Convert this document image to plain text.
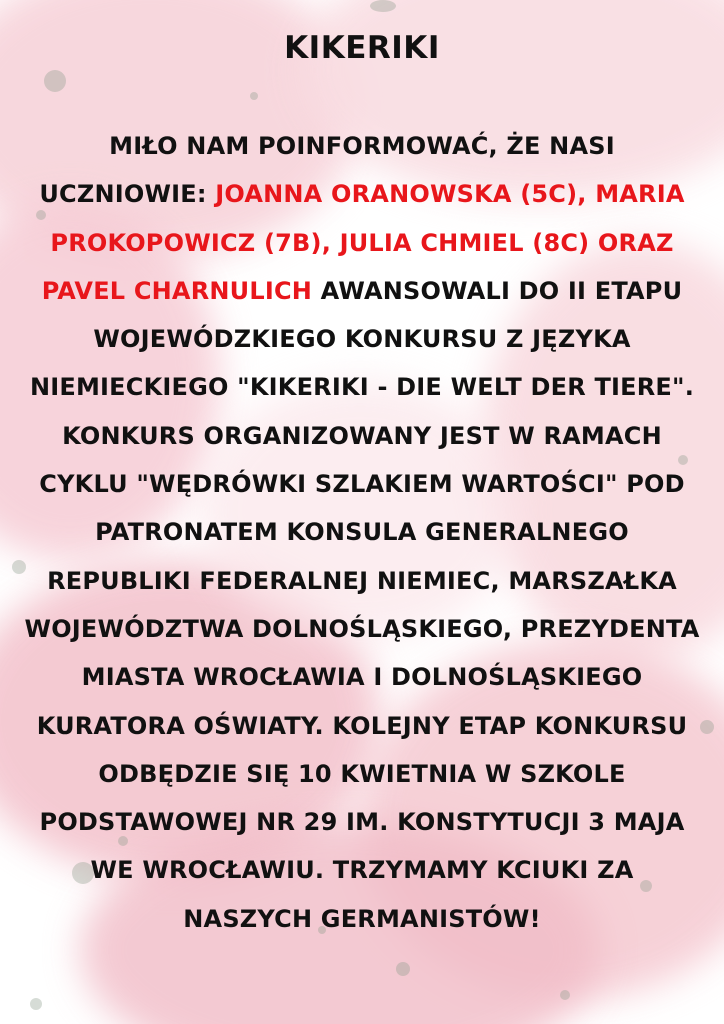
KIKERIKI

MIŁO NAM POINFORMOWAĆ, ŻE NASI UCZNIOWIE: JOANNA ORANOWSKA (5C), MARIA PROKOPOWICZ (7B), JULIA CHMIEL (8C) ORAZ PAVEL CHARNULICH AWANSOWALI DO II ETAPU WOJEWÓDZKIEGO KONKURSU Z JĘZYKA NIEMIECKIEGO "KIKERIKI - DIE WELT DER TIERE". KONKURS ORGANIZOWANY JEST W RAMACH CYKLU "WĘDRÓWKI SZLAKIEM WARTOŚCI" POD PATRONATEM KONSULA GENERALNEGO REPUBLIKI FEDERALNEJ NIEMIEC, MARSZAŁKA WOJEWÓDZTWA DOLNOŚLĄSKIEGO, PREZYDENTA MIASTA WROCŁAWIA I DOLNOŚLĄSKIEGO KURATORA OŚWIATY. KOLEJNY ETAP KONKURSU ODBĘDZIE SIĘ 10 KWIETNIA W SZKOLE PODSTAWOWEJ NR 29 IM. KONSTYTUCJI 3 MAJA WE WROCŁAWIU. TRZYMAMY KCIUKI ZA NASZYCH GERMANISTÓW!
